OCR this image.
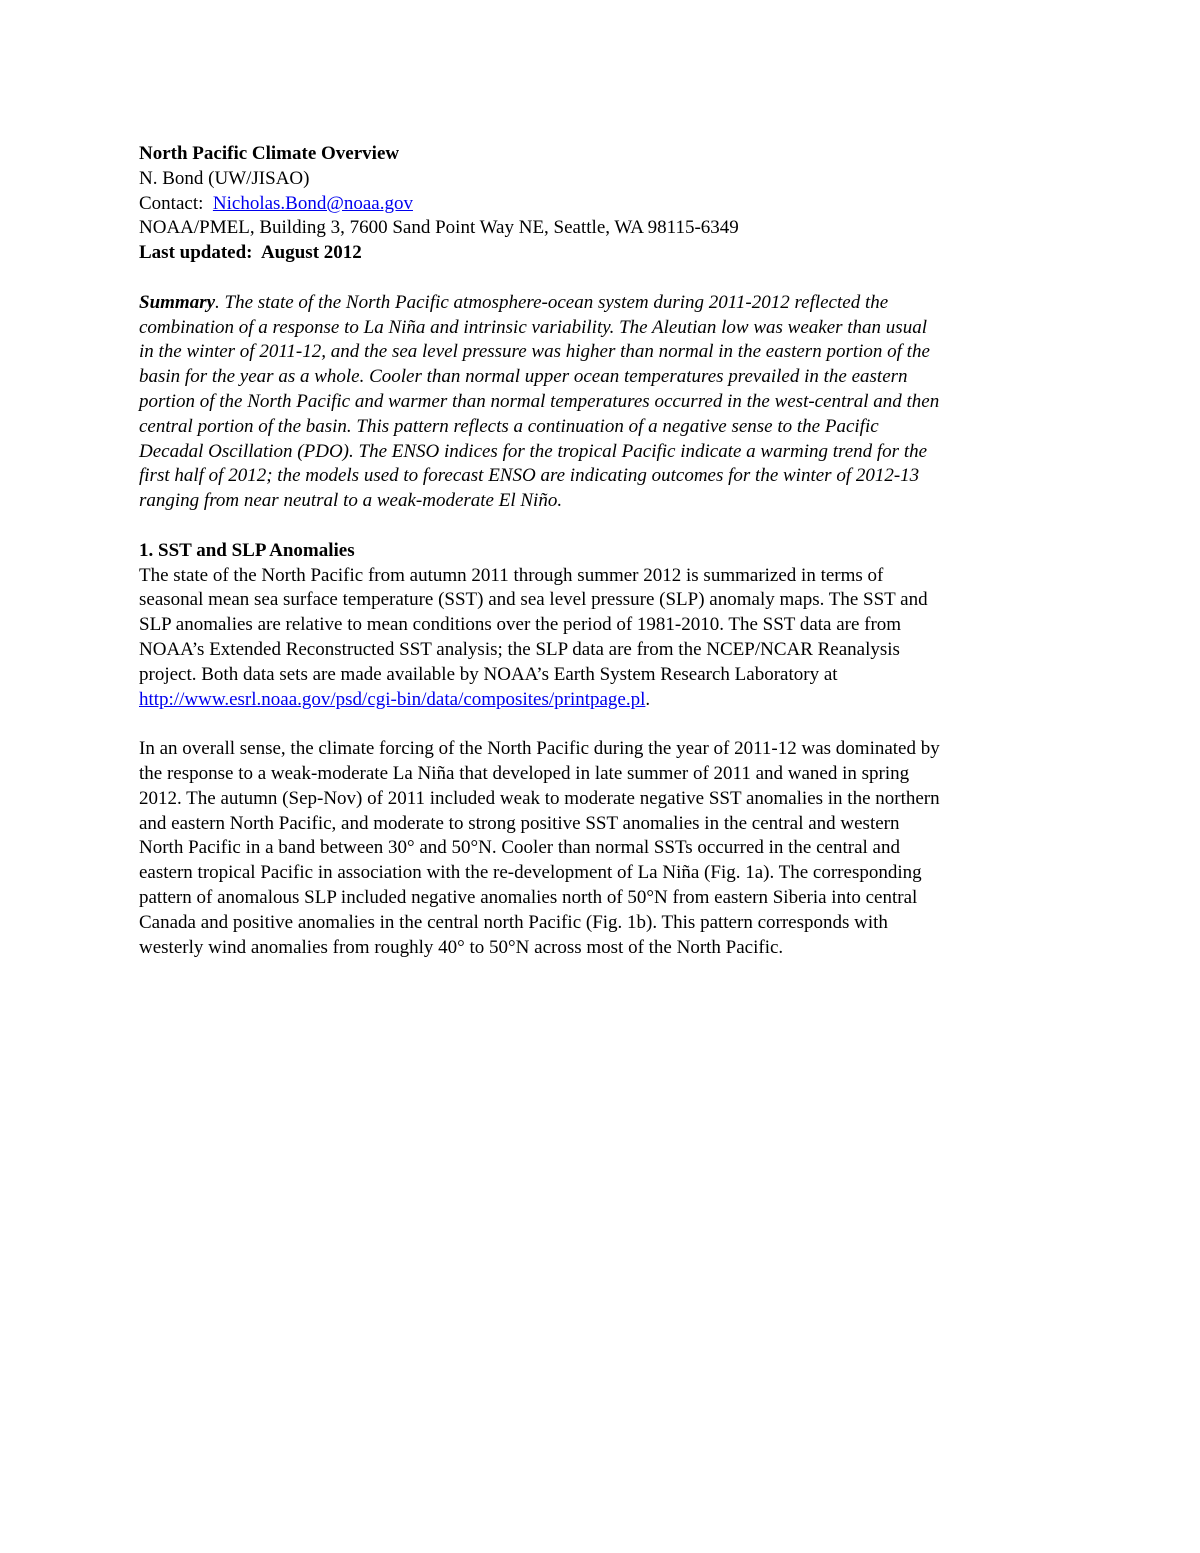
North Pacific Climate Overview
N. Bond (UW/JISAO)
Contact: Nicholas.Bond@noaa.gov
NOAA/PMEL, Building 3, 7600 Sand Point Way NE, Seattle, WA 98115-6349
Last updated: August 2012
Summary. The state of the North Pacific atmosphere-ocean system during 2011-2012 reflected the
combination of a response to La Niña and intrinsic variability. The Aleutian low was weaker than usual
in the winter of 2011-12, and the sea level pressure was higher than normal in the eastern portion of the
basin for the year as a whole. Cooler than normal upper ocean temperatures prevailed in the eastern
portion of the North Pacific and warmer than normal temperatures occurred in the west-central and then
central portion of the basin. This pattern reflects a continuation of a negative sense to the Pacific
Decadal Oscillation (PDO). The ENSO indices for the tropical Pacific indicate a warming trend for the
first half of 2012; the models used to forecast ENSO are indicating outcomes for the winter of 2012-13
ranging from near neutral to a weak-moderate El Niño.
1. SST and SLP Anomalies
The state of the North Pacific from autumn 2011 through summer 2012 is summarized in terms of
seasonal mean sea surface temperature (SST) and sea level pressure (SLP) anomaly maps. The SST and
SLP anomalies are relative to mean conditions over the period of 1981-2010. The SST data are from
NOAA’s Extended Reconstructed SST analysis; the SLP data are from the NCEP/NCAR Reanalysis
project. Both data sets are made available by NOAA’s Earth System Research Laboratory at
http://www.esrl.noaa.gov/psd/cgi-bin/data/composites/printpage.pl.
In an overall sense, the climate forcing of the North Pacific during the year of 2011-12 was dominated by
the response to a weak-moderate La Niña that developed in late summer of 2011 and waned in spring
2012. The autumn (Sep-Nov) of 2011 included weak to moderate negative SST anomalies in the northern
and eastern North Pacific, and moderate to strong positive SST anomalies in the central and western
North Pacific in a band between 30° and 50°N. Cooler than normal SSTs occurred in the central and
eastern tropical Pacific in association with the re-development of La Niña (Fig. 1a). The corresponding
pattern of anomalous SLP included negative anomalies north of 50°N from eastern Siberia into central
Canada and positive anomalies in the central north Pacific (Fig. 1b). This pattern corresponds with
westerly wind anomalies from roughly 40° to 50°N across most of the North Pacific.
